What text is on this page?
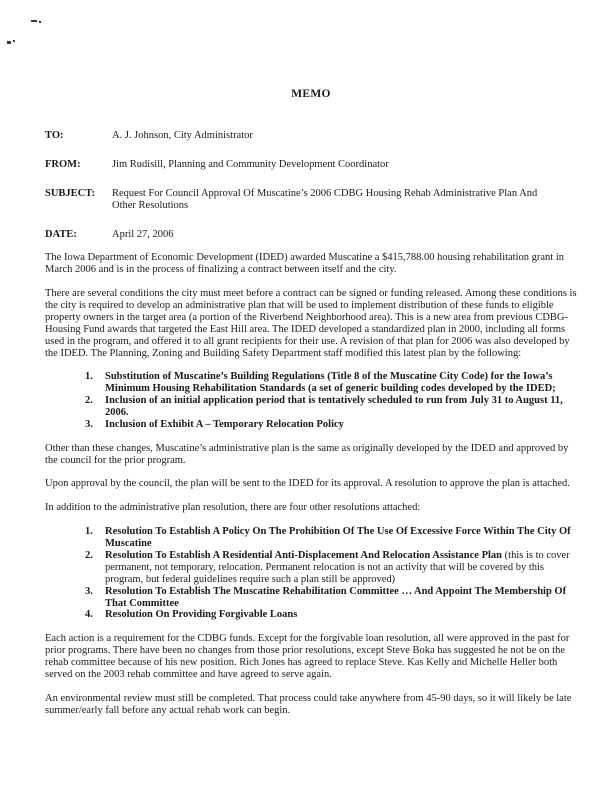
MEMO
TO:	A. J. Johnson, City Administrator
FROM:	Jim Rudisill, Planning and Community Development Coordinator
SUBJECT:	Request For Council Approval Of Muscatine’s 2006 CDBG Housing Rehab Administrative Plan And Other Resolutions
DATE:	April 27, 2006

The Iowa Department of Economic Development (IDED) awarded Muscatine a $415,788.00 housing rehabilitation grant in March 2006 and is in the process of finalizing a contract between itself and the city.

There are several conditions the city must meet before a contract can be signed or funding released. Among these conditions is the city is required to develop an administrative plan that will be used to implement distribution of these funds to eligible property owners in the target area (a portion of the Riverbend Neighborhood area). This is a new area from previous CDBG-Housing Fund awards that targeted the East Hill area. The IDED developed a standardized plan in 2000, including all forms used in the program, and offered it to all grant recipients for their use. A revision of that plan for 2006 was also developed by the IDED. The Planning, Zoning and Building Safety Department staff modified this latest plan by the following:

1.	Substitution of Muscatine’s Building Regulations (Title 8 of the Muscatine City Code) for the Iowa’s Minimum Housing Rehabilitation Standards (a set of generic building codes developed by the IDED;
2.	Inclusion of an initial application period that is tentatively scheduled to run from July 31 to August 11, 2006.
3.	Inclusion of Exhibit A – Temporary Relocation Policy

Other than these changes, Muscatine’s administrative plan is the same as originally developed by the IDED and approved by the council for the prior program.

Upon approval by the council, the plan will be sent to the IDED for its approval. A resolution to approve the plan is attached.

In addition to the administrative plan resolution, there are four other resolutions attached:

1.	Resolution To Establish A Policy On The Prohibition Of The Use Of Excessive Force Within The City Of Muscatine
2.	Resolution To Establish A Residential Anti-Displacement And Relocation Assistance Plan (this is to cover permanent, not temporary, relocation. Permanent relocation is not an activity that will be covered by this program, but federal guidelines require such a plan still be approved)
3.	Resolution To Establish The Muscatine Rehabilitation Committee … And Appoint The Membership Of That Committee
4.	Resolution On Providing Forgivable Loans

Each action is a requirement for the CDBG funds. Except for the forgivable loan resolution, all were approved in the past for prior programs. There have been no changes from those prior resolutions, except Steve Boka has suggested he not be on the rehab committee because of his new position. Rich Jones has agreed to replace Steve. Kas Kelly and Michelle Heller both served on the 2003 rehab committee and have agreed to serve again.

An environmental review must still be completed. That process could take anywhere from 45-90 days, so it will likely be late summer/early fall before any actual rehab work can begin.
